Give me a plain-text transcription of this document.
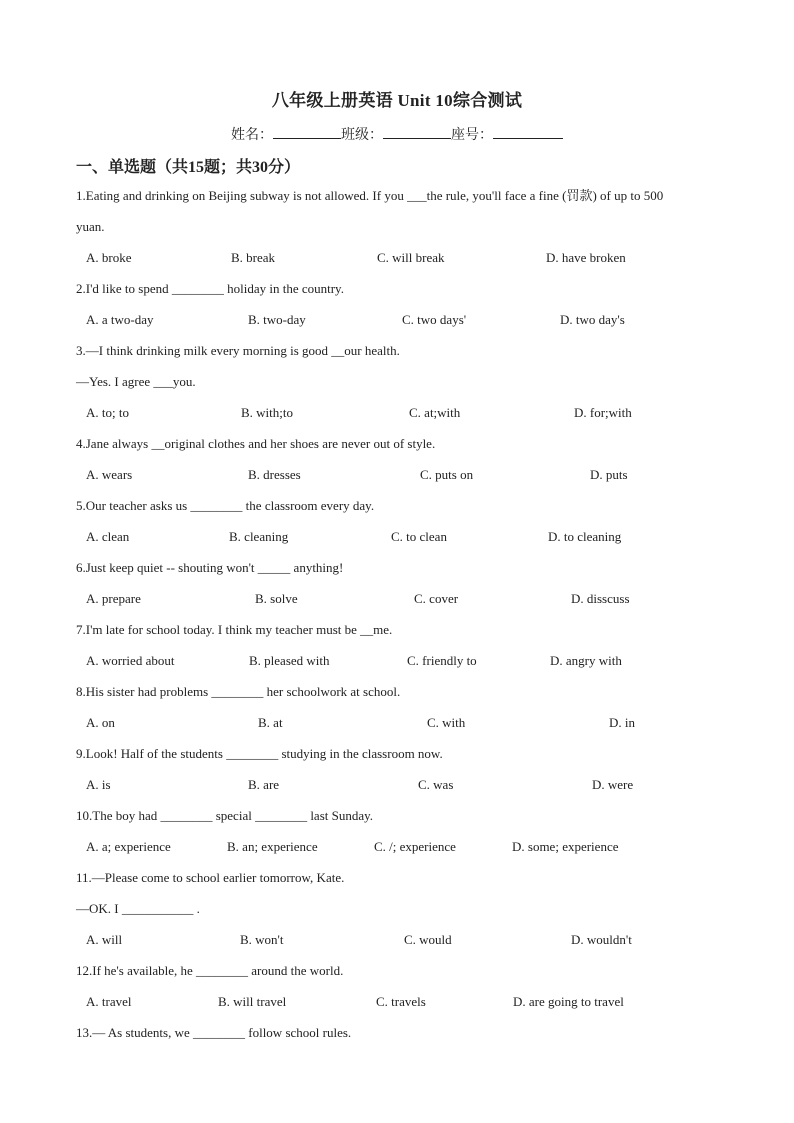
八年级上册英语 Unit 10综合测试
姓名：	班级：	座号：
一、单选题（共15题；共30分）
1.Eating and drinking on Beijing subway is not allowed. If you ___the rule, you'll face a fine (罚款) of up to 500
yuan.
A. broke	B. break	C. will break	D. have broken
2.I'd like to spend ________ holiday in the country.
A. a two-day	B. two-day	C. two days'	D. two day's
3.—I think drinking milk every morning is good __our health.
—Yes. I agree ___you.
A. to; to	B. with;to	C. at;with	D. for;with
4.Jane always __original clothes and her shoes are never out of style.
A. wears	B. dresses	C. puts on	D. puts
5.Our teacher asks us ________ the classroom every day.
A. clean	B. cleaning	C. to clean	D. to cleaning
6.Just keep quiet -- shouting won't _____ anything!
A. prepare	B. solve	C. cover	D. disscuss
7.I'm late for school today. I think my teacher must be __me.
A. worried about	B. pleased with	C. friendly to	D. angry with
8.His sister had problems ________ her schoolwork at school.
A. on	B. at	C. with	D. in
9.Look! Half of the students ________ studying in the classroom now.
A. is	B. are	C. was	D. were
10.The boy had ________ special ________ last Sunday.
A. a; experience	B. an; experience	C. /; experience	D. some; experience
11.—Please come to school earlier tomorrow, Kate.
—OK. I ___________ .
A. will	B. won't	C. would	D. wouldn't
12.If he's available, he ________ around the world.
A. travel	B. will travel	C. travels	D. are going to travel
13.— As students, we ________ follow school rules.
